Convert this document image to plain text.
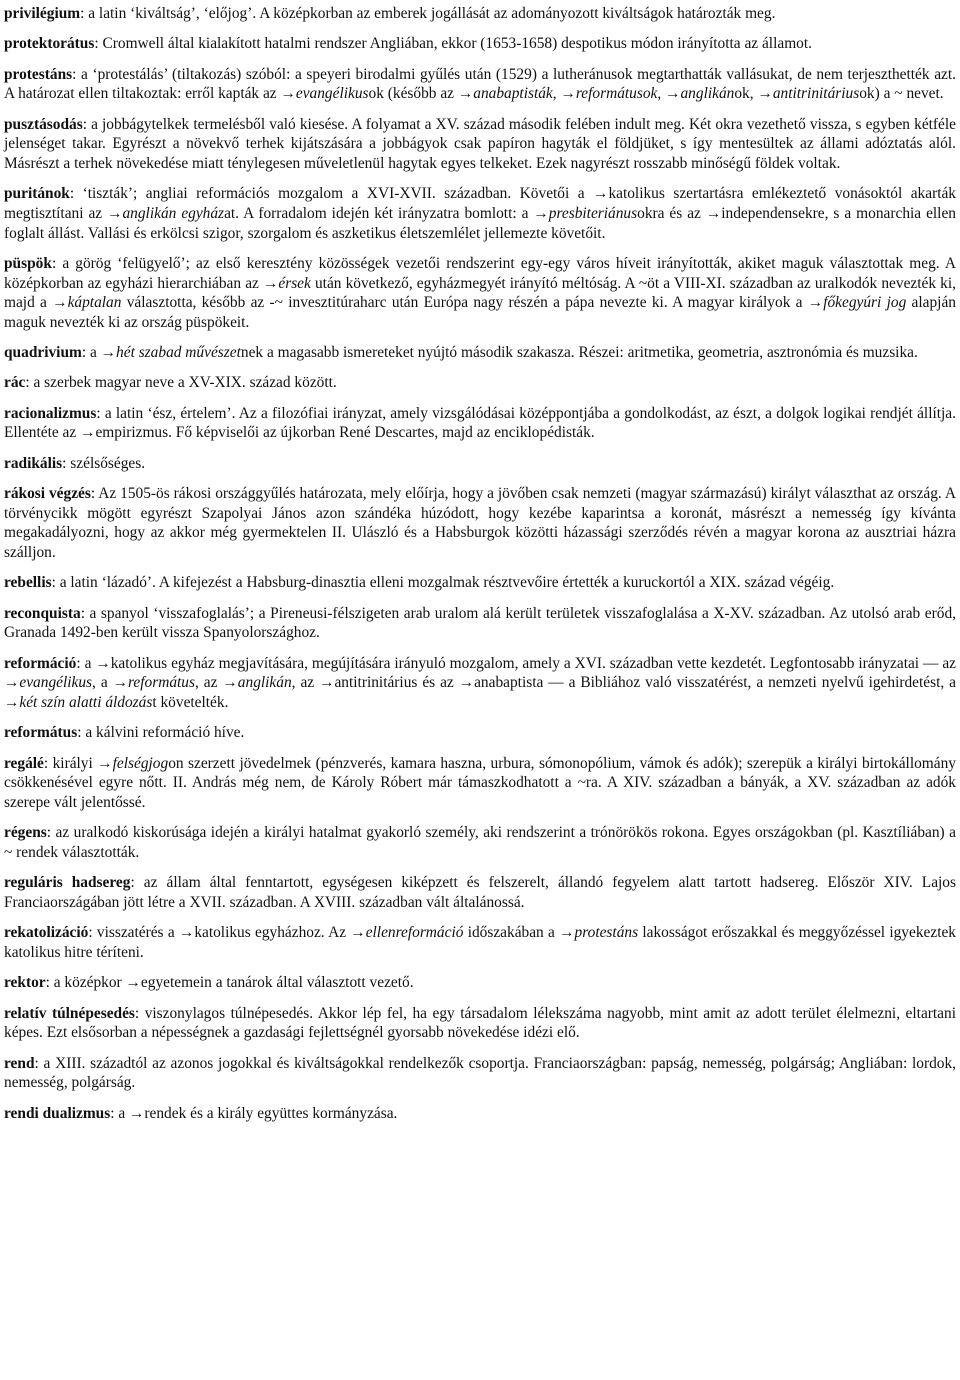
privilégium: a latin ‘kiváltság’, ‘előjog’. A középkorban az emberek jogállását az adományozott kiváltságok határozták meg.

protektorátus: Cromwell által kialakított hatalmi rendszer Angliában, ekkor (1653-1658) despotikus módon irányította az államot.

protestáns: a ‘protestálás’ (tiltakozás) szóból: a speyeri birodalmi gyűlés után (1529) a lutheránusok megtarthatták vallásukat, de nem terjeszthették azt. A határozat ellen tiltakoztak: erről kapták az →evangélikusok (később az →anabaptisták, →reformátusok, →anglikánok, →antitrinitáriusok) a ~ nevet.

pusztásodás: a jobbágytelkek termelésből való kiesése. A folyamat a XV. század második felében indult meg. Két okra vezethető vissza, s egyben kétféle jelenséget takar. Egyrészt a növekvő terhek kijátszására a jobbágyok csak papíron hagyták el földjüket, s így mentesültek az állami adóztatás alól. Másrészt a terhek növekedése miatt ténylegesen műveletlenül hagytak egyes telkeket. Ezek nagyrészt rosszabb minőségű földek voltak.

puritánok: ‘tiszták’; angliai reformációs mozgalom a XVI-XVII. században. Követői a →katolikus szertartásra emlékeztető vonásoktól akarták megtisztítani az →anglikán egyházat. A forradalom idején két irányzatra bomlott: a →presbiteriánusokra és az →independensekre, s a monarchia ellen foglalt állást. Vallási és erkölcsi szigor, szorgalom és aszketikus életszemlélet jellemezte követőit.

püspök: a görög ‘felügyelő’; az első keresztény közösségek vezetői rendszerint egy-egy város híveit irányították, akiket maguk választottak meg. A középkorban az egyházi hierarchiában az →érsek után következő, egyházmegyét irányító méltóság. A ~öt a VIII-XI. században az uralkodók nevezték ki, majd a →káptalan választotta, később az -~ invesztitúraharc után Európa nagy részén a pápa nevezte ki. A magyar királyok a →főkegyúri jog alapján maguk nevezték ki az ország püspökeit.

quadrivium: a →hét szabad művészetnek a magasabb ismereteket nyújtó második szakasza. Részei: aritmetika, geometria, asztronómia és muzsika.

rác: a szerbek magyar neve a XV-XIX. század között.

racionalizmus: a latin ‘ész, értelem’. Az a filozófiai irányzat, amely vizsgálódásai középpontjába a gondolkodást, az észt, a dolgok logikai rendjét állítja. Ellentéte az →empirizmus. Fő képviselői az újkorban René Descartes, majd az enciklopédisták.

radikális: szélsőséges.

rákosi végzés: Az 1505-ös rákosi országgyűlés határozata, mely előírja, hogy a jövőben csak nemzeti (magyar származású) királyt választhat az ország. A törvénycikk mögött egyrészt Szapolyai János azon szándéka húzódott, hogy kezébe kaparintsa a koronát, másrészt a nemesség így kívánta megakadályozni, hogy az akkor még gyermektelen II. Ulászló és a Habsburgok közötti házassági szerződés révén a magyar korona az ausztriai házra szálljon.

rebellis: a latin ‘lázadó’. A kifejezést a Habsburg-dinasztia elleni mozgalmak résztvevőire értették a kuruckortól a XIX. század végéig.

reconquista: a spanyol ‘visszafoglalás’; a Pireneusi-félszigeten arab uralom alá került területek visszafoglalása a X-XV. században. Az utolsó arab erőd, Granada 1492-ben került vissza Spanyolországhoz.

reformáció: a →katolikus egyház megjavítására, megújítására irányuló mozgalom, amely a XVI. században vette kezdetét. Legfontosabb irányzatai — az →evangélikus, a →református, az →anglikán, az →antitrinitárius és az →anabaptista — a Bibliához való visszatérést, a nemzeti nyelvű igehirdetést, a →két szín alatti áldozást követelték.

református: a kálvini reformáció híve.

regálé: királyi →felségjogon szerzett jövedelmek (pénzverés, kamara haszna, urbura, sómonopólium, vámok és adók); szerepük a királyi birtokállomány csökkenésével egyre nőtt. II. András még nem, de Károly Róbert már támaszkodhatott a ~ra. A XIV. században a bányák, a XV. században az adók szerepe vált jelentőssé.

régens: az uralkodó kiskorúsága idején a királyi hatalmat gyakorló személy, aki rendszerint a trónörökös rokona. Egyes országokban (pl. Kasztíliában) a ~ rendek választották.

reguláris hadsereg: az állam által fenntartott, egységesen kiképzett és felszerelt, állandó fegyelem alatt tartott hadsereg. Először XIV. Lajos Franciaországában jött létre a XVII. században. A XVIII. században vált általánossá.

rekatolizáció: visszatérés a →katolikus egyházhoz. Az →ellenreformáció időszakában a →protestáns lakosságot erőszakkal és meggyőzéssel igyekeztek katolikus hitre téríteni.

rektor: a középkor →egyetemein a tanárok által választott vezető.

relatív túlnépesedés: viszonylagos túlnépesedés. Akkor lép fel, ha egy társadalom lélekszáma nagyobb, mint amit az adott terület élelmezni, eltartani képes. Ezt elsősorban a népességnek a gazdasági fejlettségnél gyorsabb növekedése idézi elő.

rend: a XIII. századtól az azonos jogokkal és kiváltságokkal rendelkezők csoportja. Franciaországban: papság, nemesség, polgárság; Angliában: lordok, nemesség, polgárság.

rendi dualizmus: a →rendek és a király együttes kormányzása.
